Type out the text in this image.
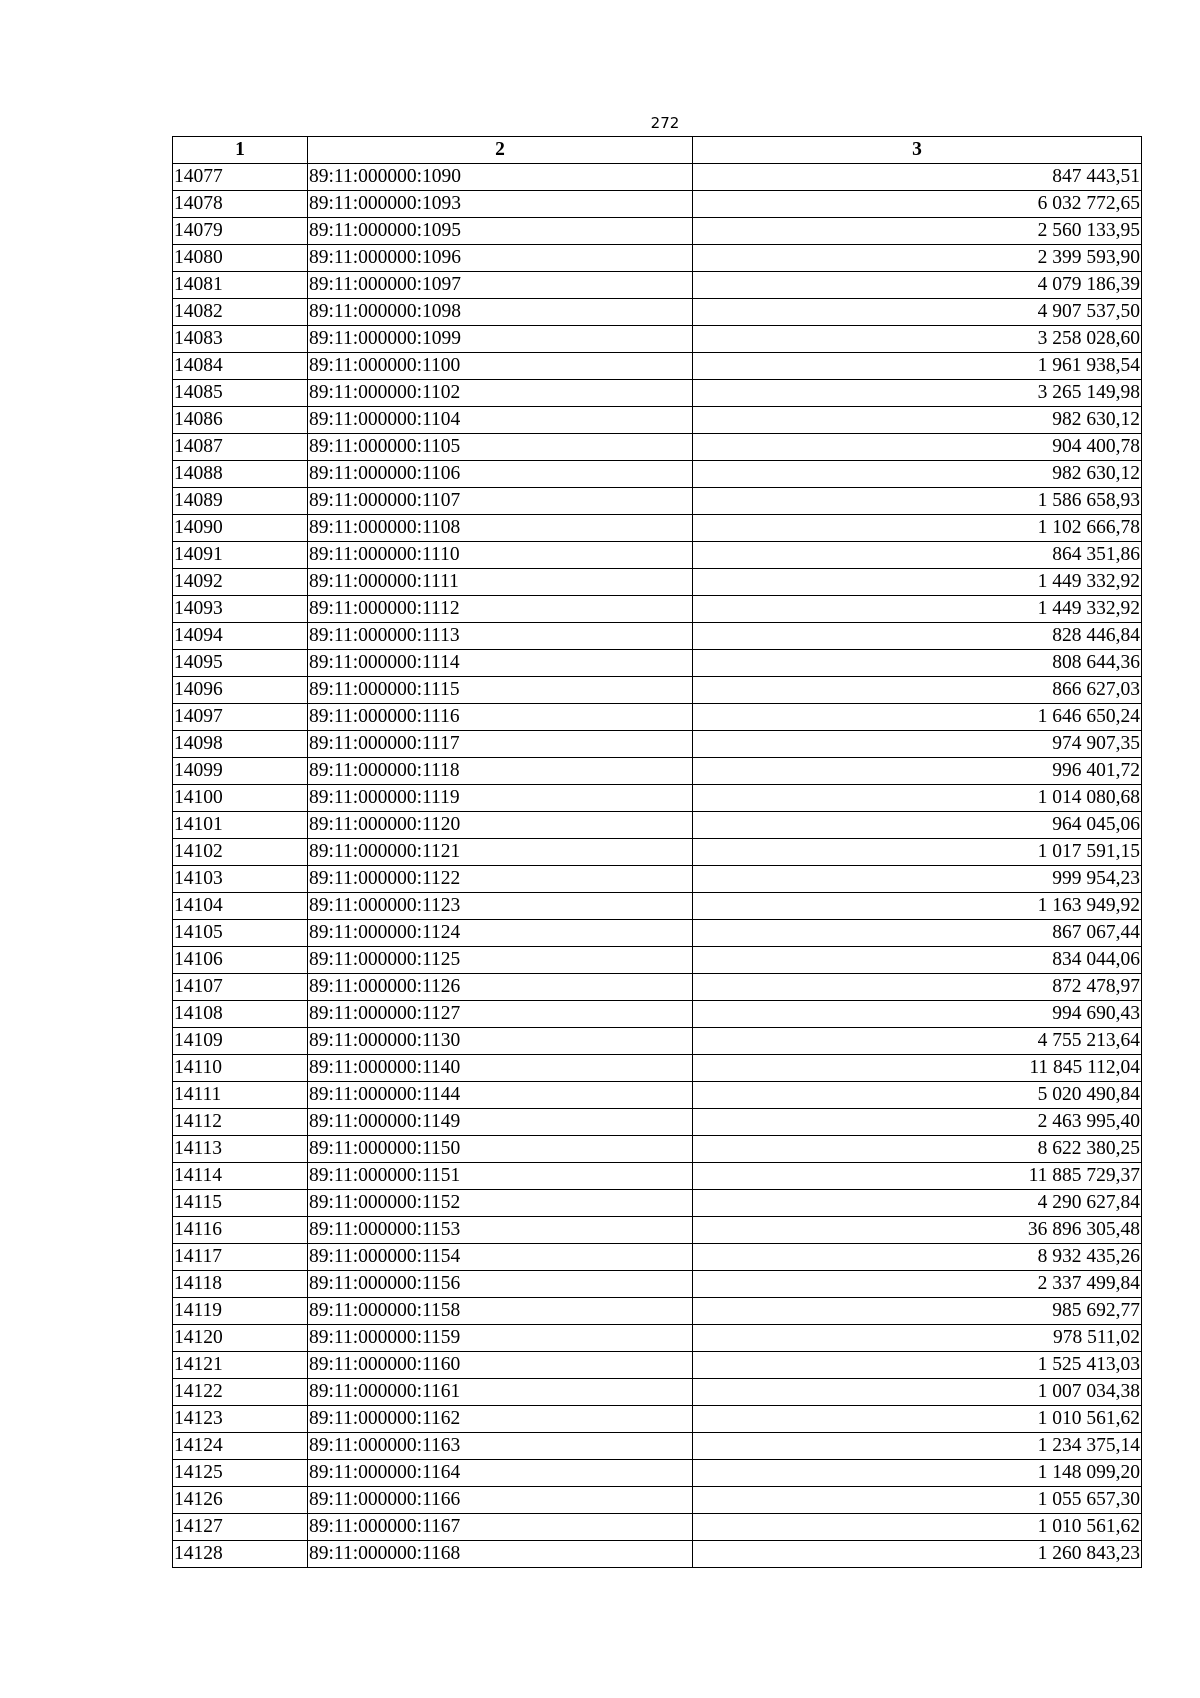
272
1	2	3
14077	89:11:000000:1090	847 443,51
14078	89:11:000000:1093	6 032 772,65
14079	89:11:000000:1095	2 560 133,95
14080	89:11:000000:1096	2 399 593,90
14081	89:11:000000:1097	4 079 186,39
14082	89:11:000000:1098	4 907 537,50
14083	89:11:000000:1099	3 258 028,60
14084	89:11:000000:1100	1 961 938,54
14085	89:11:000000:1102	3 265 149,98
14086	89:11:000000:1104	982 630,12
14087	89:11:000000:1105	904 400,78
14088	89:11:000000:1106	982 630,12
14089	89:11:000000:1107	1 586 658,93
14090	89:11:000000:1108	1 102 666,78
14091	89:11:000000:1110	864 351,86
14092	89:11:000000:1111	1 449 332,92
14093	89:11:000000:1112	1 449 332,92
14094	89:11:000000:1113	828 446,84
14095	89:11:000000:1114	808 644,36
14096	89:11:000000:1115	866 627,03
14097	89:11:000000:1116	1 646 650,24
14098	89:11:000000:1117	974 907,35
14099	89:11:000000:1118	996 401,72
14100	89:11:000000:1119	1 014 080,68
14101	89:11:000000:1120	964 045,06
14102	89:11:000000:1121	1 017 591,15
14103	89:11:000000:1122	999 954,23
14104	89:11:000000:1123	1 163 949,92
14105	89:11:000000:1124	867 067,44
14106	89:11:000000:1125	834 044,06
14107	89:11:000000:1126	872 478,97
14108	89:11:000000:1127	994 690,43
14109	89:11:000000:1130	4 755 213,64
14110	89:11:000000:1140	11 845 112,04
14111	89:11:000000:1144	5 020 490,84
14112	89:11:000000:1149	2 463 995,40
14113	89:11:000000:1150	8 622 380,25
14114	89:11:000000:1151	11 885 729,37
14115	89:11:000000:1152	4 290 627,84
14116	89:11:000000:1153	36 896 305,48
14117	89:11:000000:1154	8 932 435,26
14118	89:11:000000:1156	2 337 499,84
14119	89:11:000000:1158	985 692,77
14120	89:11:000000:1159	978 511,02
14121	89:11:000000:1160	1 525 413,03
14122	89:11:000000:1161	1 007 034,38
14123	89:11:000000:1162	1 010 561,62
14124	89:11:000000:1163	1 234 375,14
14125	89:11:000000:1164	1 148 099,20
14126	89:11:000000:1166	1 055 657,30
14127	89:11:000000:1167	1 010 561,62
14128	89:11:000000:1168	1 260 843,23
